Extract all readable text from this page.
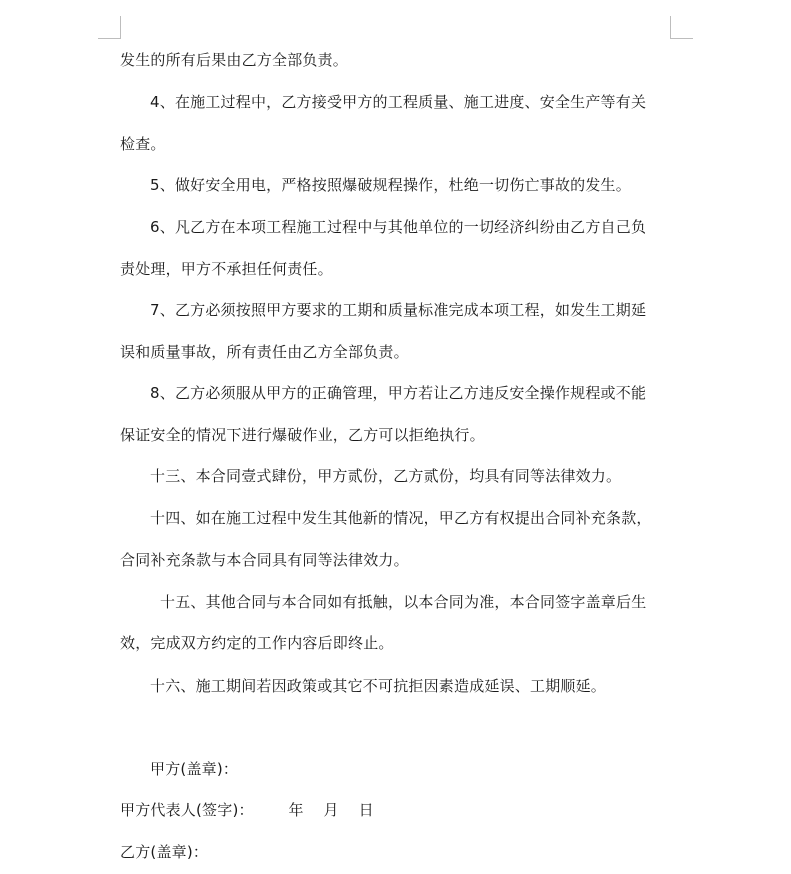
发生的所有后果由乙方全部负责。
4、在施工过程中，乙方接受甲方的工程质量、施工进度、安全生产等有关
检查。
5、做好安全用电，严格按照爆破规程操作，杜绝一切伤亡事故的发生。
6、凡乙方在本项工程施工过程中与其他单位的一切经济纠纷由乙方自己负
责处理，甲方不承担任何责任。
7、乙方必须按照甲方要求的工期和质量标准完成本项工程，如发生工期延
误和质量事故，所有责任由乙方全部负责。
8、乙方必须服从甲方的正确管理，甲方若让乙方违反安全操作规程或不能
保证安全的情况下进行爆破作业，乙方可以拒绝执行。
十三、本合同壹式肆份，甲方贰份，乙方贰份，均具有同等法律效力。
十四、如在施工过程中发生其他新的情况，甲乙方有权提出合同补充条款，
合同补充条款与本合同具有同等法律效力。
十五、其他合同与本合同如有抵触，以本合同为准，本合同签字盖章后生
效，完成双方约定的工作内容后即终止。
十六、施工期间若因政策或其它不可抗拒因素造成延误、工期顺延。
甲方(盖章)：
甲方代表人(签字)：       年    月    日
乙方(盖章)：
